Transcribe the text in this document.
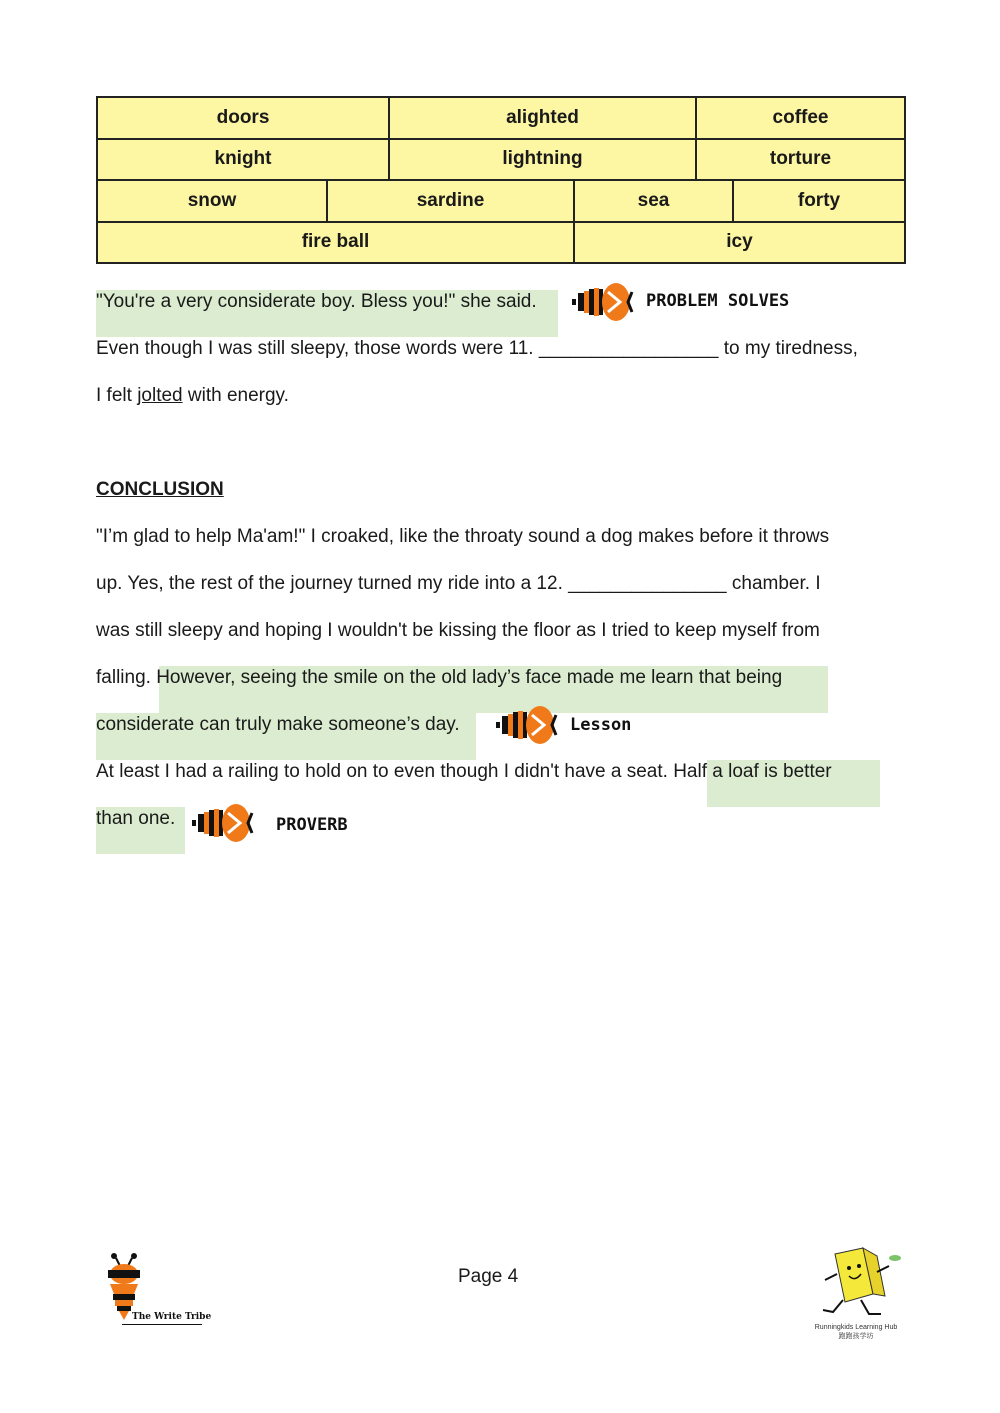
doors		alighted		coffee	
knight		lightning		torture	
snow	sardine		sea		forty
fire ball			icy		
"You're a very considerate boy. Bless you!" she said.	PROBLEM SOLVES
Even though I was still sleepy, those words were 11. _________________ to my tiredness,
I felt jolted with energy.
CONCLUSION
"I’m glad to help Ma'am!" I croaked, like the throaty sound a dog makes before it throws
up. Yes, the rest of the journey turned my ride into a 12. _______________ chamber. I
was still sleepy and hoping I wouldn't be kissing the floor as I tried to keep myself from
falling. However, seeing the smile on the old lady’s face made me learn that being
considerate can truly make someone’s day.	Lesson
At least I had a railing to hold on to even though I didn't have a seat. Half a loaf is better
than one.	PROVERB
The Write Tribe
Page 4
Runningkids Learning Hub
跑跑孩学坊
